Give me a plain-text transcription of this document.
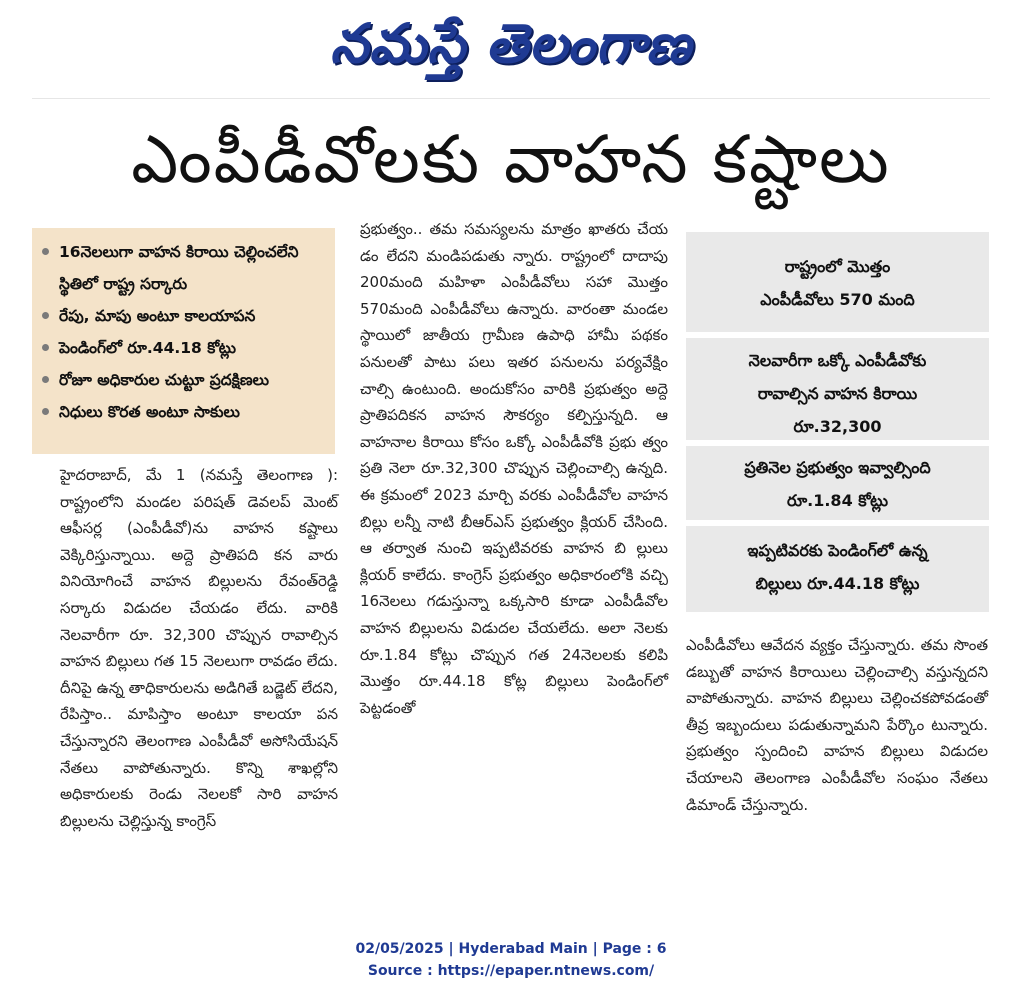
నమస్తే తెలంగాణ
ఎంపీడీవోలకు వాహన కష్టాలు
16నెలలుగా వాహన కిరాయి చెల్లించలేని స్థితిలో రాష్ట్ర సర్కారు
రేపు, మాపు అంటూ కాలయాపన
పెండింగ్‌లో రూ.44.18 కోట్లు
రోజూ అధికారుల చుట్టూ ప్రదక్షిణలు
నిధులు కొరత అంటూ సాకులు
హైదరాబాద్, మే 1 (నమస్తే తెలంగాణ ): రాష్ట్రంలోని మండల పరిషత్ డెవలప్ మెంట్ ఆఫీసర్ల (ఎంపీడీవో)ను వాహన కష్టాలు వెక్కిరిస్తున్నాయి. అద్దె ప్రాతిపది కన వారు వినియోగించే వాహన బిల్లులను రేవంత్‌రెడ్డి సర్కారు విడుదల చేయడం లేదు. వారికి నెలవారీగా రూ. 32,300 చొప్పున రావాల్సిన వాహన బిల్లులు గత 15 నెలలుగా రావడం లేదు. దీనిపై ఉన్న తాధికారులను అడిగితే బడ్జెట్ లేదని, రేపిస్తాం.. మాపిస్తాం అంటూ కాలయా పన చేస్తున్నారని తెలంగాణ ఎంపీడీవో అసోసియేషన్ నేతలు వాపోతున్నారు. కొన్ని శాఖల్లోని అధికారులకు రెండు నెలలకో సారి వాహన బిల్లులను చెల్లిస్తున్న కాంగ్రెస్
ప్రభుత్వం.. తమ సమస్యలను మాత్రం ఖాతరు చేయ డం లేదని మండిపడుతు న్నారు. రాష్ట్రంలో దాదాపు 200మంది మహిళా ఎంపీడీవోలు సహా మొత్తం 570మంది ఎంపీడీవోలు ఉన్నారు. వారంతా మండల స్థాయిలో జాతీయ గ్రామీణ ఉపాధి హామీ పథకం పనులతో పాటు పలు ఇతర పనులను పర్యవేక్షిం చాల్సి ఉంటుంది. అందుకోసం వారికి ప్రభుత్వం అద్దె ప్రాతిపదికన వాహన సౌకర్యం కల్పిస్తున్నది. ఆ వాహనాల కిరాయి కోసం ఒక్కో ఎంపీడీవోకి ప్రభు త్వం ప్రతి నెలా రూ.32,300 చొప్పున చెల్లించాల్సి ఉన్నది. ఈ క్రమంలో 2023 మార్చి వరకు ఎంపీడీవోల వాహన బిల్లు లన్నీ నాటి బీఆర్‌ఎస్ ప్రభుత్వం క్లియర్ చేసింది. ఆ తర్వాత నుంచి ఇప్పటివరకు వాహన బి ల్లులు క్లియర్ కాలేదు. కాంగ్రెస్ ప్రభుత్వం అధికారంలోకి వచ్చి 16నెలలు గడుస్తున్నా ఒక్కసారి కూడా ఎంపీడీవోల వాహన బిల్లులను విడుదల చేయలేదు. అలా నెలకు రూ.1.84 కోట్లు చొప్పున గత 24నెలలకు కలిపి మొత్తం రూ.44.18 కోట్ల బిల్లులు పెండింగ్‌లో పెట్టడంతో
రాష్ట్రంలో మొత్తం
ఎంపీడీవోలు 570 మంది
నెలవారీగా ఒక్కో ఎంపీడీవోకు
రావాల్సిన వాహన కిరాయి
రూ.32,300
ప్రతినెల ప్రభుత్వం ఇవ్వాల్సింది
రూ.1.84 కోట్లు
ఇప్పటివరకు పెండింగ్‌లో ఉన్న
బిల్లులు రూ.44.18 కోట్లు
ఎంపీడీవోలు ఆవేదన వ్యక్తం చేస్తున్నారు. తమ సొంత డబ్బుతో వాహన కిరాయిలు చెల్లించాల్సి వస్తున్నదని వాపోతున్నారు. వాహన బిల్లులు చెల్లించకపోవడంతో తీవ్ర ఇబ్బందులు పడుతున్నామని పేర్కొం టున్నారు. ప్రభుత్వం స్పందించి వాహన బిల్లులు విడుదల చేయాలని తెలంగాణ ఎంపీడీవోల సంఘం నేతలు డిమాండ్ చేస్తున్నారు.
02/05/2025 | Hyderabad Main | Page : 6
Source : https://epaper.ntnews.com/
